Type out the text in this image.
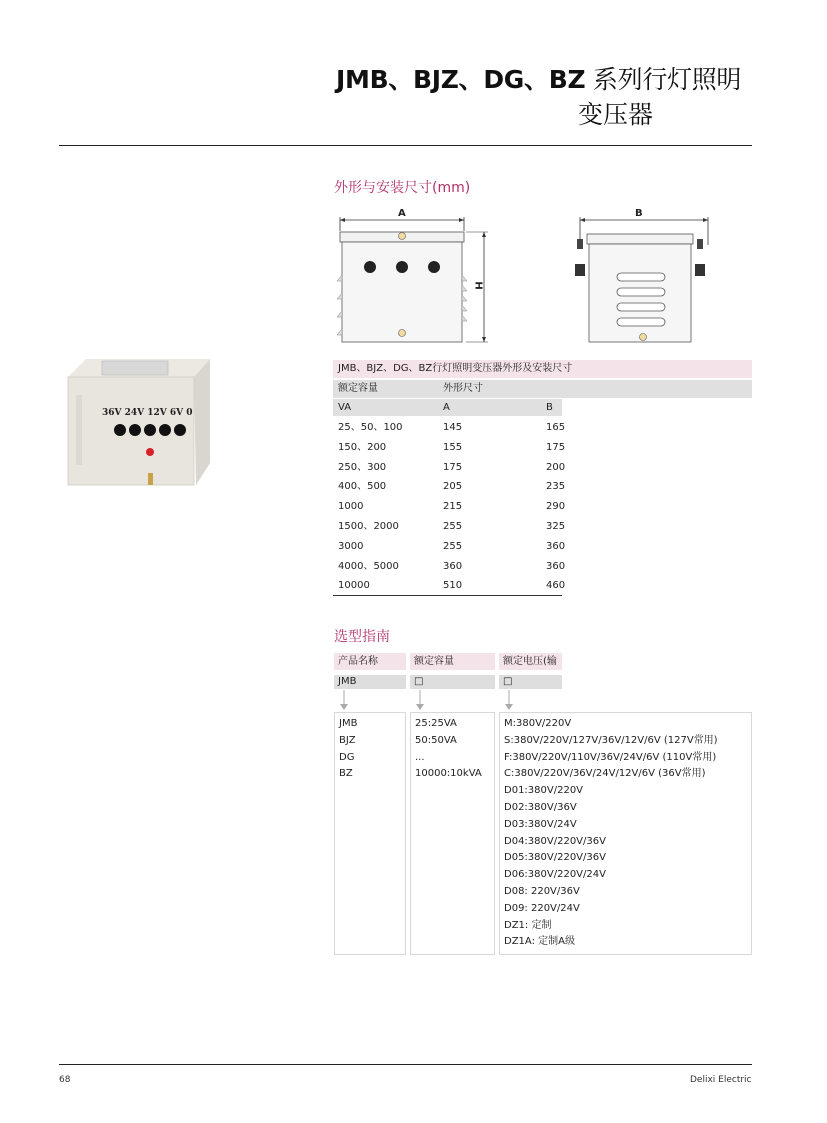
JMB、BJZ、DG、BZ 系列行灯照明
变压器
外形与安装尺寸(mm)
A
H
B
36V 24V 12V 6V 0
JMB、BJZ、DG、BZ行灯照明变压器外形及安装尺寸
额定容量	外形尺寸
VA	A	B
25、50、100	145	165
150、200	155	175
250、300	175	200
400、500	205	235
1000	215	290
1500、2000	255	325
3000	255	360
4000、5000	360	360
10000	510	460
选型指南
产品名称	额定容量	额定电压(输
JMB	□	□
JMB
BJZ
DG
BZ
25:25VA
50:50VA
...
10000:10kVA
M:380V/220V
S:380V/220V/127V/36V/12V/6V (127V常用)
F:380V/220V/110V/36V/24V/6V (110V常用)
C:380V/220V/36V/24V/12V/6V (36V常用)
D01:380V/220V
D02:380V/36V
D03:380V/24V
D04:380V/220V/36V
D05:380V/220V/36V
D06:380V/220V/24V
D08: 220V/36V
D09: 220V/24V
DZ1: 定制
DZ1A: 定制A级
68	Delixi Electric
